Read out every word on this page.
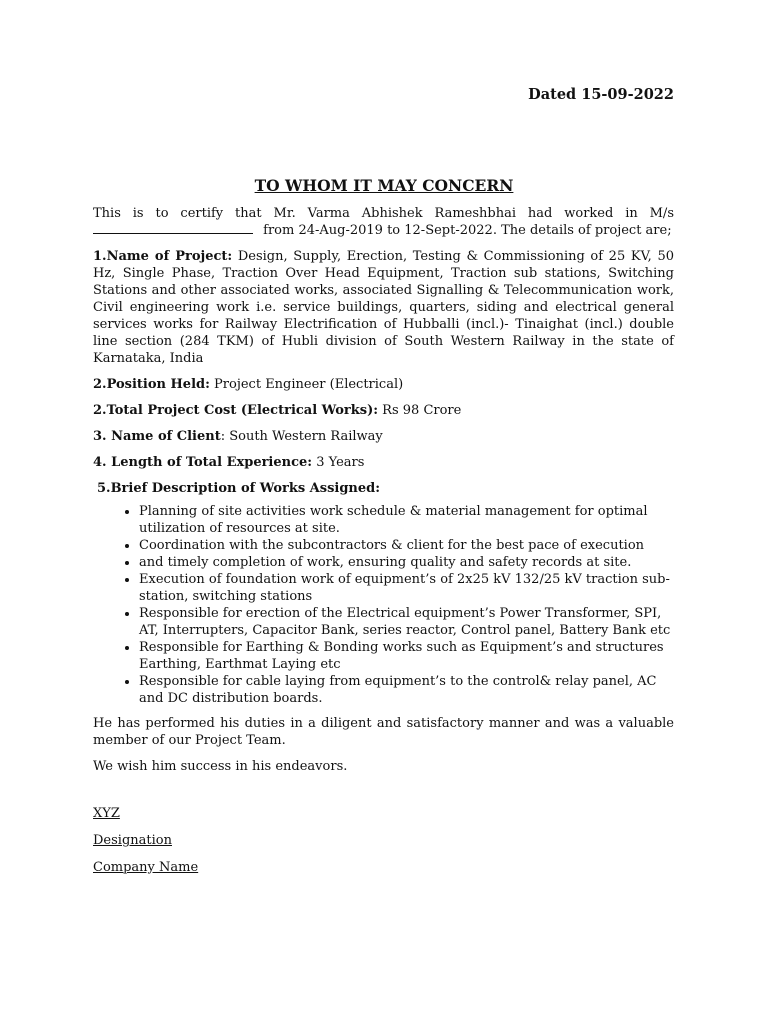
Dated 15-09-2022
TO WHOM IT MAY CONCERN

This is to certify that Mr. Varma Abhishek Rameshbhai had worked in M/s  from 24-Aug-2019 to 12-Sept-2022. The details of project are;

1.Name of Project: Design, Supply, Erection, Testing & Commissioning of 25 KV, 50 Hz, Single Phase, Traction Over Head Equipment, Traction sub stations, Switching Stations and other associated works, associated Signalling & Telecommunication work, Civil engineering work i.e. service buildings, quarters, siding and electrical general services works for Railway Electrification of Hubballi (incl.)- Tinaighat (incl.) double line section (284 TKM) of Hubli division of South Western Railway in the state of Karnataka, India

2.Position Held: Project Engineer (Electrical)

2.Total Project Cost (Electrical Works): Rs 98 Crore

3. Name of Client: South Western Railway

4. Length of Total Experience: 3 Years

5.Brief Description of Works Assigned:

• Planning of site activities work schedule & material management for optimal utilization of resources at site.
• Coordination with the subcontractors & client for the best pace of execution
• and timely completion of work, ensuring quality and safety records at site.
• Execution of foundation work of equipment’s of 2x25 kV 132/25 kV traction sub-station, switching stations
• Responsible for erection of the Electrical equipment’s Power Transformer, SPI, AT, Interrupters, Capacitor Bank, series reactor, Control panel, Battery Bank etc
• Responsible for Earthing & Bonding works such as Equipment’s and structures Earthing, Earthmat Laying etc
• Responsible for cable laying from equipment’s to the control& relay panel, AC and DC distribution boards.

He has performed his duties in a diligent and satisfactory manner and was a valuable member of our Project Team.

We wish him success in his endeavors.

XYZ
Designation
Company Name
